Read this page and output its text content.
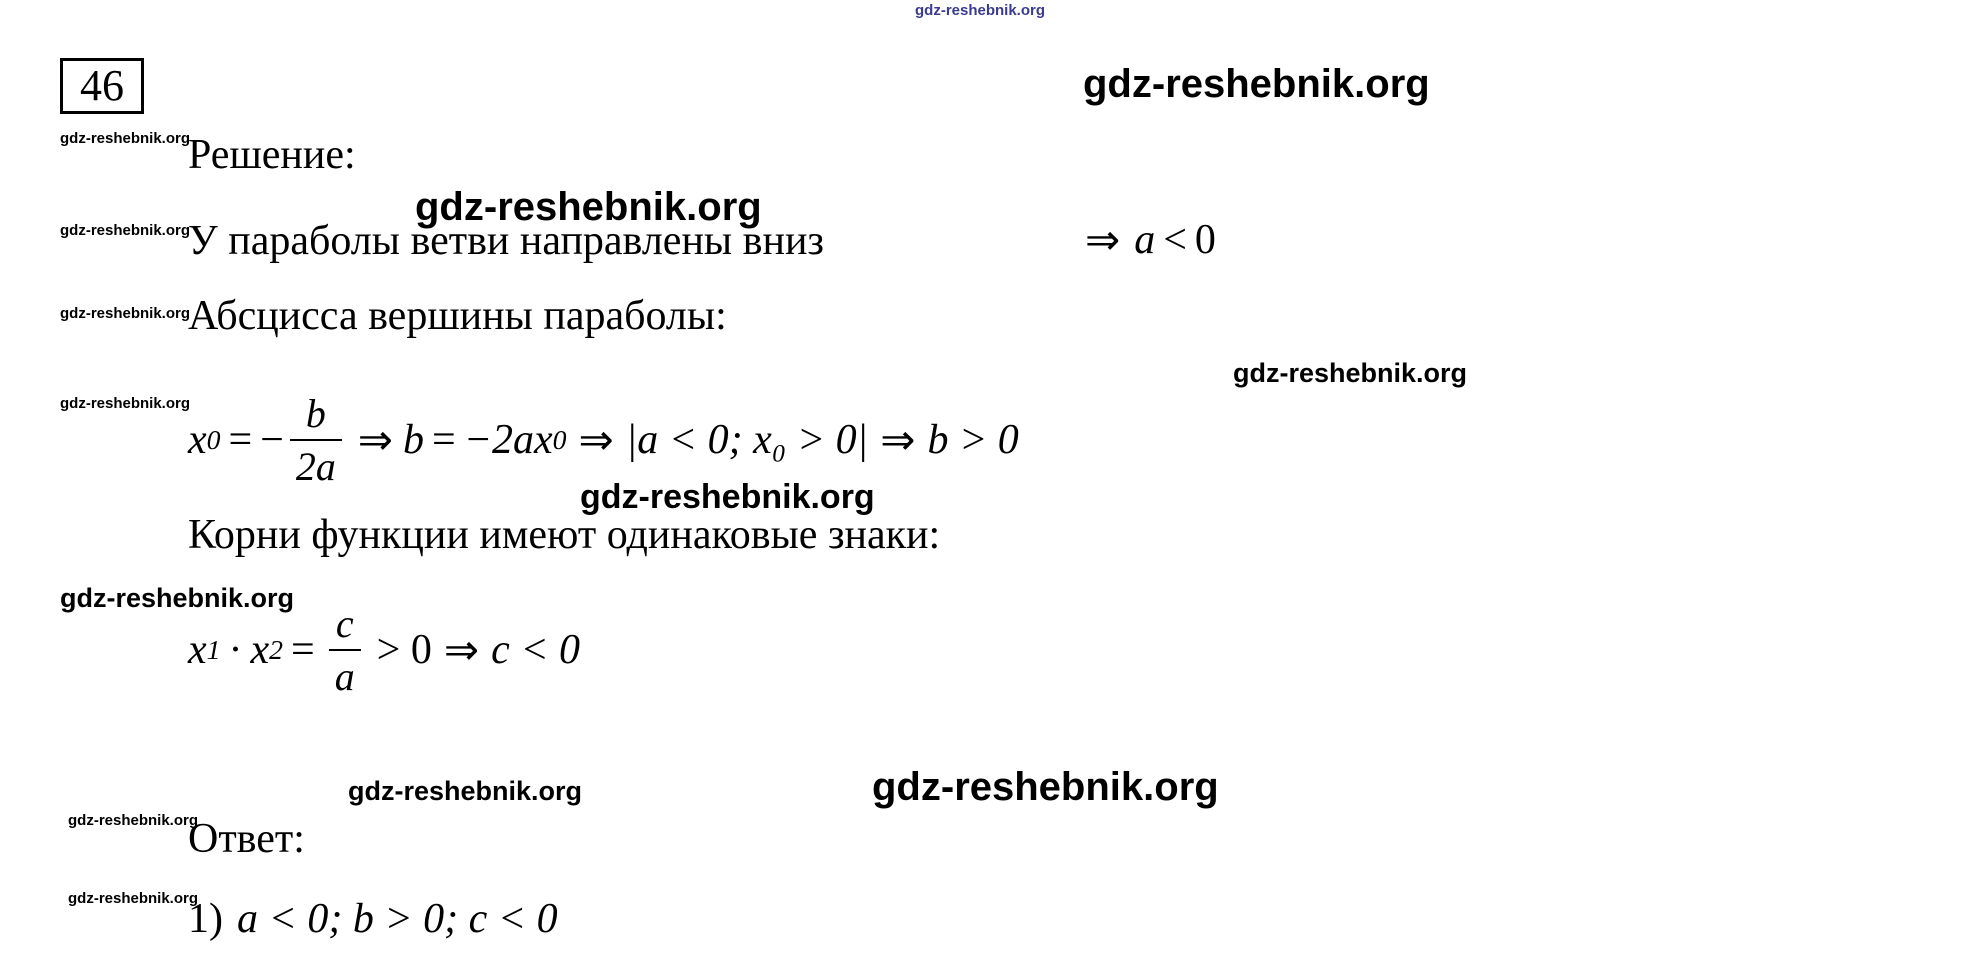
gdz-reshebnik.org
gdz-reshebnik.org
gdz-reshebnik.org
gdz-reshebnik.org
gdz-reshebnik.org
gdz-reshebnik.org
gdz-reshebnik.org
gdz-reshebnik.org
gdz-reshebnik.org
gdz-reshebnik.org
gdz-reshebnik.org	gdz-reshebnik.org
gdz-reshebnik.org
gdz-reshebnik.org
46
Решение:
У параболы ветви направлены вниз	⇒ a < 0
Абсцисса вершины параболы:
x 0 = − $\frac{b}{2a}$ ⇒ b = −2ax 0 ⇒ |a < 0; x₀ > 0| ⇒ b > 0
Корни функции имеют одинаковые знаки:
x 1 · x $2 = \frac{c}{a} > 0$ ⇒ c < 0
Ответ:
1) a < 0; b > 0; c < 0
